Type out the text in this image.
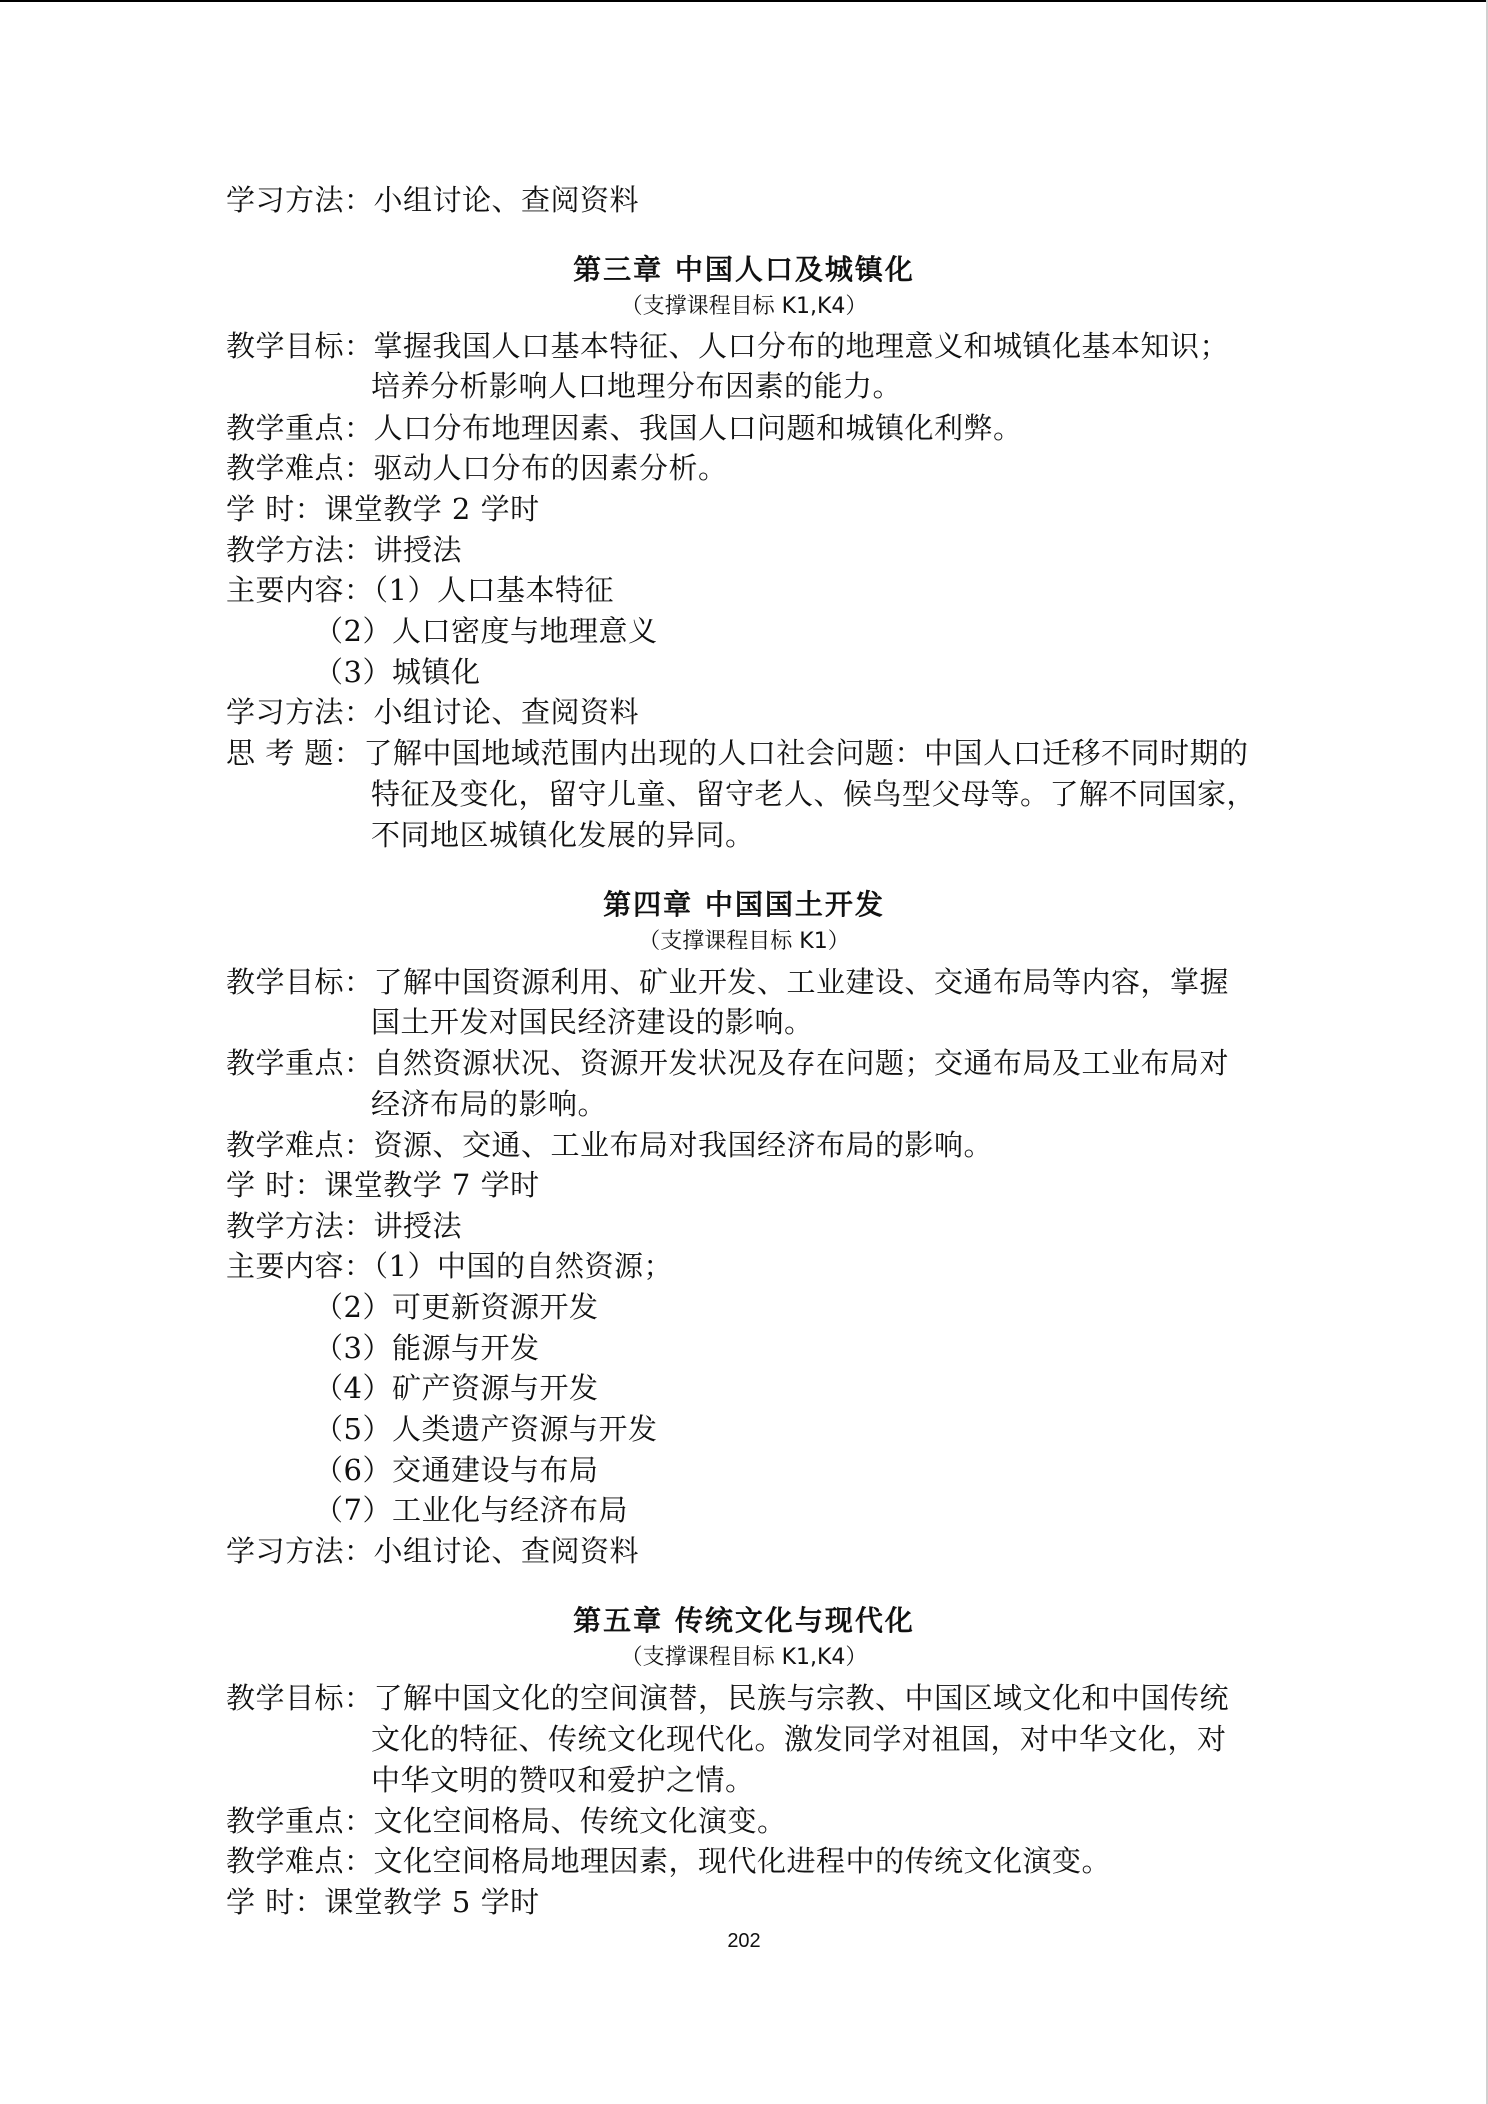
学习方法：小组讨论、查阅资料
第三章 中国人口及城镇化
（支撑课程目标 K1,K4）
教学目标：掌握我国人口基本特征、人口分布的地理意义和城镇化基本知识；
培养分析影响人口地理分布因素的能力。
教学重点：人口分布地理因素、我国人口问题和城镇化利弊。
教学难点：驱动人口分布的因素分析。
学 时：课堂教学 2 学时
教学方法：讲授法
主要内容：（1）人口基本特征
（2）人口密度与地理意义
（3）城镇化
学习方法：小组讨论、查阅资料
思 考 题：了解中国地域范围内出现的人口社会问题：中国人口迁移不同时期的
特征及变化，留守儿童、留守老人、候鸟型父母等。了解不同国家，
不同地区城镇化发展的异同。
第四章 中国国土开发
（支撑课程目标 K1）
教学目标：了解中国资源利用、矿业开发、工业建设、交通布局等内容，掌握
国土开发对国民经济建设的影响。
教学重点：自然资源状况、资源开发状况及存在问题；交通布局及工业布局对
经济布局的影响。
教学难点：资源、交通、工业布局对我国经济布局的影响。
学 时：课堂教学 7 学时
教学方法：讲授法
主要内容：（1）中国的自然资源；
（2）可更新资源开发
（3）能源与开发
（4）矿产资源与开发
（5）人类遗产资源与开发
（6）交通建设与布局
（7）工业化与经济布局
学习方法：小组讨论、查阅资料
第五章 传统文化与现代化
（支撑课程目标 K1,K4）
教学目标：了解中国文化的空间演替，民族与宗教、中国区域文化和中国传统
文化的特征、传统文化现代化。激发同学对祖国，对中华文化，对
中华文明的赞叹和爱护之情。
教学重点：文化空间格局、传统文化演变。
教学难点：文化空间格局地理因素，现代化进程中的传统文化演变。
学 时：课堂教学 5 学时
202
